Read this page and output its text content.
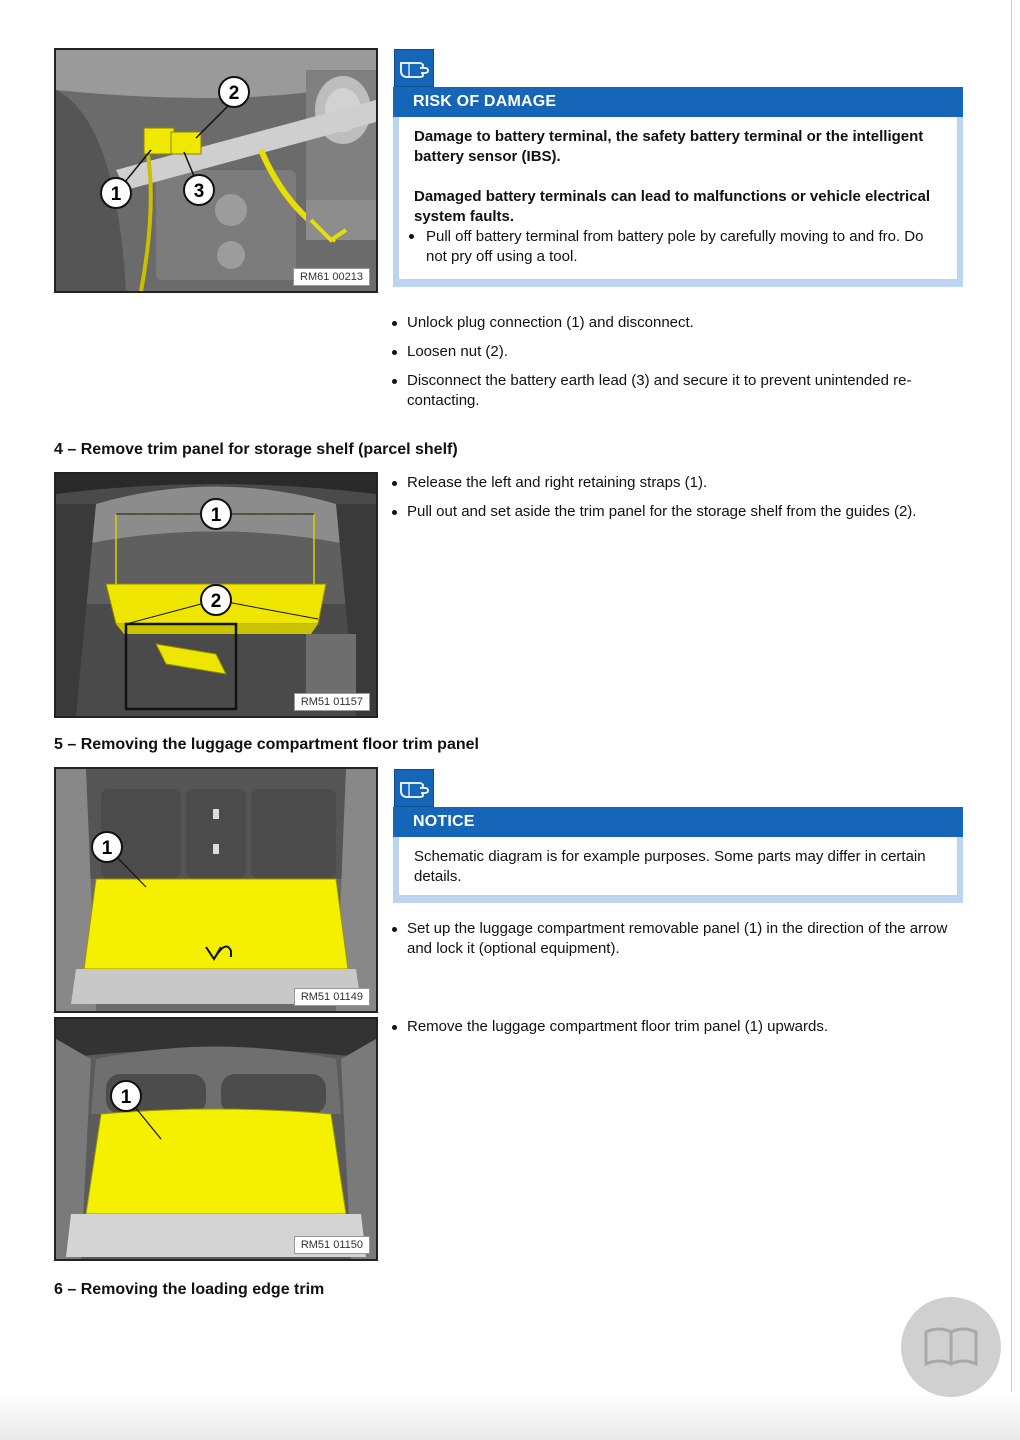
1
2
3
RM61 00213
RISK OF DAMAGE

Damage to battery terminal, the safety battery terminal or the intelligent battery sensor (IBS).

Damaged battery terminals can lead to malfunctions or vehicle electrical system faults.

Pull off battery terminal from battery pole by carefully moving to and fro. Do not pry off using a tool.
Unlock plug connection (1) and disconnect.
Loosen nut (2).
Disconnect the battery earth lead (3) and secure it to prevent unintended re-contacting.
4 – Remove trim panel for storage shelf (parcel shelf)
1
2
RM51 01157
Release the left and right retaining straps (1).
Pull out and set aside the trim panel for the storage shelf from the guides (2).
5 – Removing the luggage compartment floor trim panel
1
RM51 01149
NOTICE
Schematic diagram is for example purposes. Some parts may differ in certain details.
Set up the luggage compartment removable panel (1) in the direction of the arrow and lock it (optional equipment).
1
RM51 01150
Remove the luggage compartment floor trim panel (1) upwards.
6 – Removing the loading edge trim
